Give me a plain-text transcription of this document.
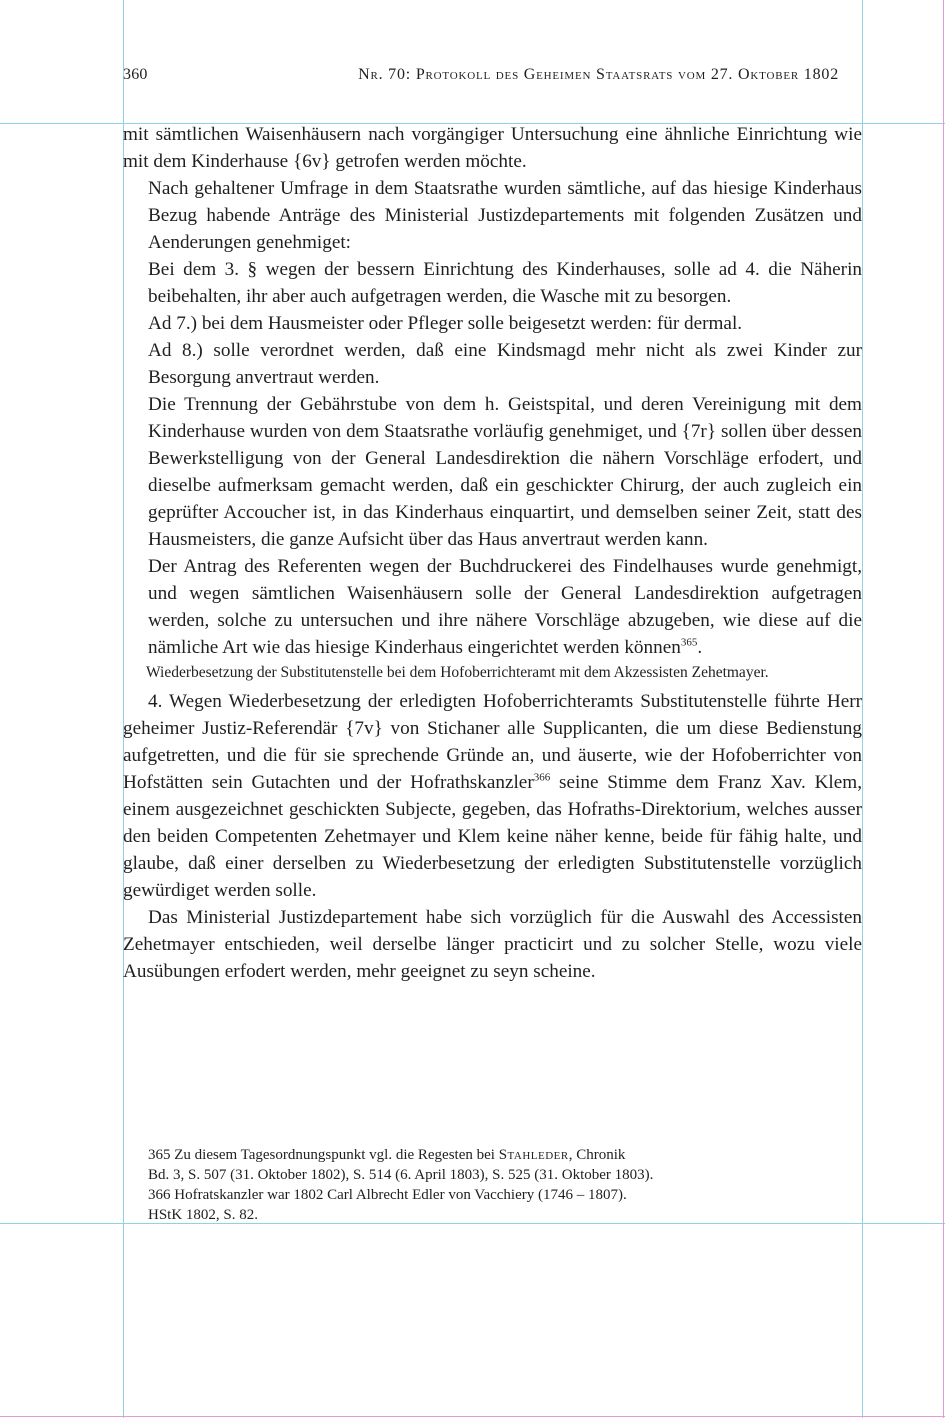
360	Nr. 70: Protokoll des Geheimen Staatsrats vom 27. Oktober 1802

mit sämtlichen Waisenhäusern nach vorgängiger Untersuchung eine ähnliche Einrichtung wie mit dem Kinderhause {6v} getrofen werden möchte.

Nach gehaltener Umfrage in dem Staatsrathe wurden sämtliche, auf das hiesige Kinderhaus Bezug habende Anträge des Ministerial Justizdepartements mit folgenden Zusätzen und Aenderungen genehmiget:

Bei dem 3. § wegen der bessern Einrichtung des Kinderhauses, solle ad 4. die Näherin beibehalten, ihr aber auch aufgetragen werden, die Wasche mit zu besorgen.

Ad 7.) bei dem Hausmeister oder Pfleger solle beigesetzt werden: für dermal.

Ad 8.) solle verordnet werden, daß eine Kindsmagd mehr nicht als zwei Kinder zur Besorgung anvertraut werden.

Die Trennung der Gebährstube von dem h. Geistspital, und deren Vereinigung mit dem Kinderhause wurden von dem Staatsrathe vorläufig genehmiget, und {7r} sollen über dessen Bewerkstelligung von der General Landesdirektion die nähern Vorschläge erfodert, und dieselbe aufmerksam gemacht werden, daß ein geschickter Chirurg, der auch zugleich ein geprüfter Accoucher ist, in das Kinderhaus einquartirt, und demselben seiner Zeit, statt des Hausmeisters, die ganze Aufsicht über das Haus anvertraut werden kann.

Der Antrag des Referenten wegen der Buchdruckerei des Findelhauses wurde genehmigt, und wegen sämtlichen Waisenhäusern solle der General Landesdirektion aufgetragen werden, solche zu untersuchen und ihre nähere Vorschläge abzugeben, wie diese auf die nämliche Art wie das hiesige Kinderhaus eingerichtet werden können$^{365}$.

Wiederbesetzung der Substitutenstelle bei dem Hofoberrichteramt mit dem Akzessisten Zehetmayer.

4. Wegen Wiederbesetzung der erledigten Hofoberrichteramts Substitutenstelle führte Herr geheimer Justiz-Referendär {7v} von Stichaner alle Supplicanten, die um diese Bedienstung aufgetretten, und die für sie sprechende Gründe an, und äuserte, wie der Hofoberrichter von Hofstätten sein Gutachten und der Hofrathskanzler$^{366}$ seine Stimme dem Franz Xav. Klem, einem ausgezeichnet geschickten Subjecte, gegeben, das Hofraths-Direktorium, welches ausser den beiden Competenten Zehetmayer und Klem keine näher kenne, beide für fähig halte, und glaube, daß einer derselben zu Wiederbesetzung der erledigten Substitutenstelle vorzüglich gewürdiget werden solle.

Das Ministerial Justizdepartement habe sich vorzüglich für die Auswahl des Accessisten Zehetmayer entschieden, weil derselbe länger practicirt und zu solcher Stelle, wozu viele Ausübungen erfodert werden, mehr geeignet zu seyn scheine.

365 Zu diesem Tagesordnungspunkt vgl. die Regesten bei Stahleder, Chronik

Bd. 3, S. 507 (31. Oktober 1802), S. 514 (6. April 1803), S. 525 (31. Oktober 1803).

366 Hofratskanzler war 1802 Carl Albrecht Edler von Vacchiery (1746 – 1807).

HStK 1802, S. 82.
